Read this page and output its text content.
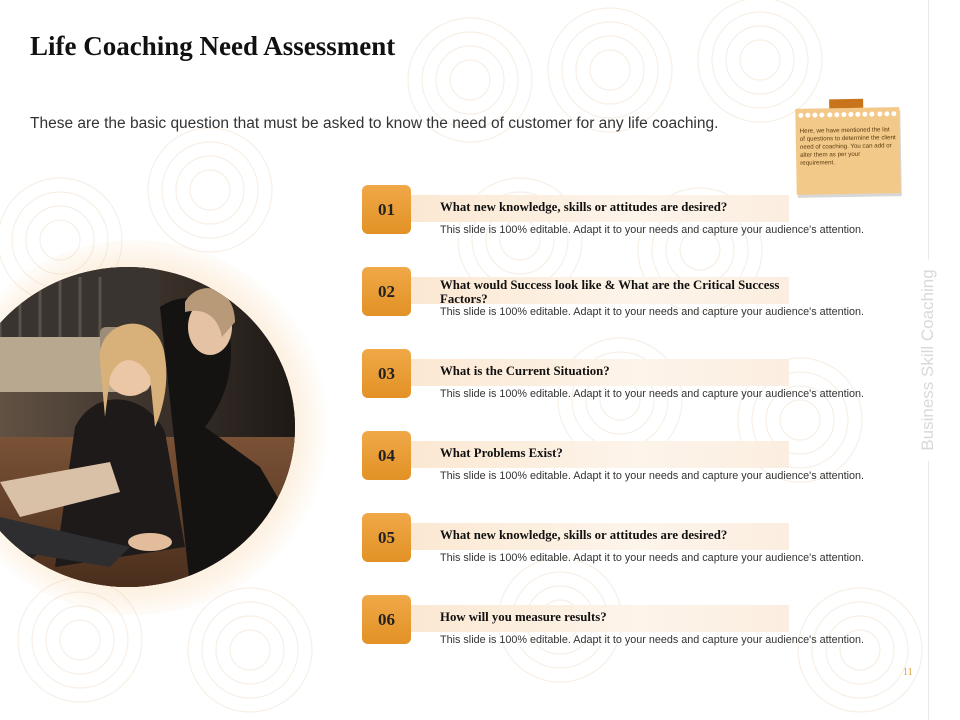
Business Skill Coaching
11
Life Coaching Need Assessment
These are the basic question that must be asked to know the need of customer for any life coaching.	Here, we have mentioned the list of questions to determine the client need of coaching. You can add or alter them as per your requirement.
01	What new knowledge, skills or attitudes are desired?
This slide is 100% editable. Adapt it to your needs and capture your audience's attention.
02	What would Success look like & What are the Critical Success Factors?
This slide is 100% editable. Adapt it to your needs and capture your audience's attention.
03	What is the Current Situation?
This slide is 100% editable. Adapt it to your needs and capture your audience's attention.
04	What Problems Exist?
This slide is 100% editable. Adapt it to your needs and capture your audience's attention.
05	What new knowledge, skills or attitudes are desired?
This slide is 100% editable. Adapt it to your needs and capture your audience's attention.
06	How will you measure results?
This slide is 100% editable. Adapt it to your needs and capture your audience's attention.
